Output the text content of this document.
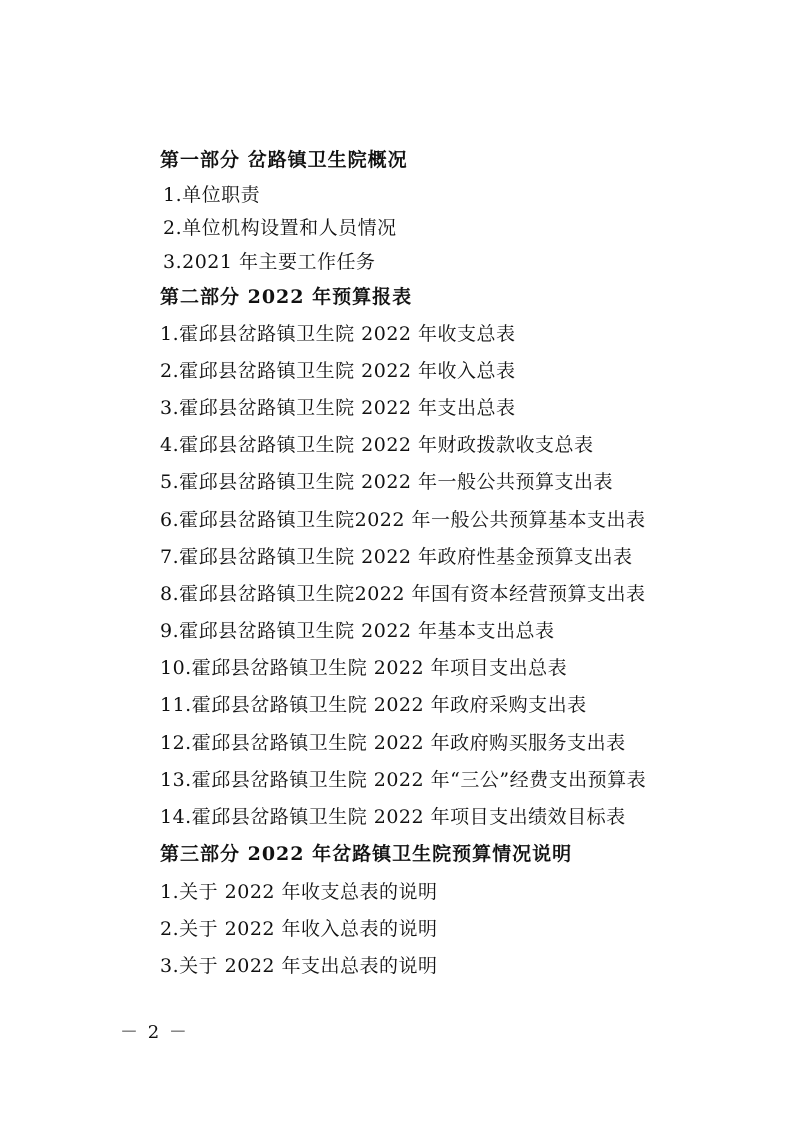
第一部分 岔路镇卫生院概况
1.单位职责
2.单位机构设置和人员情况
3.2021 年主要工作任务
第二部分 2022 年预算报表
1.霍邱县岔路镇卫生院 2022 年收支总表
2.霍邱县岔路镇卫生院 2022 年收入总表
3.霍邱县岔路镇卫生院 2022 年支出总表
4.霍邱县岔路镇卫生院 2022 年财政拨款收支总表
5.霍邱县岔路镇卫生院 2022 年一般公共预算支出表
6.霍邱县岔路镇卫生院2022 年一般公共预算基本支出表
7.霍邱县岔路镇卫生院 2022 年政府性基金预算支出表
8.霍邱县岔路镇卫生院2022 年国有资本经营预算支出表
9.霍邱县岔路镇卫生院 2022 年基本支出总表
10.霍邱县岔路镇卫生院 2022 年项目支出总表
11.霍邱县岔路镇卫生院 2022 年政府采购支出表
12.霍邱县岔路镇卫生院 2022 年政府购买服务支出表
13.霍邱县岔路镇卫生院 2022 年“三公”经费支出预算表
14.霍邱县岔路镇卫生院 2022 年项目支出绩效目标表
第三部分 2022 年岔路镇卫生院预算情况说明
1.关于 2022 年收支总表的说明
2.关于 2022 年收入总表的说明
3.关于 2022 年支出总表的说明
－ 2 －
